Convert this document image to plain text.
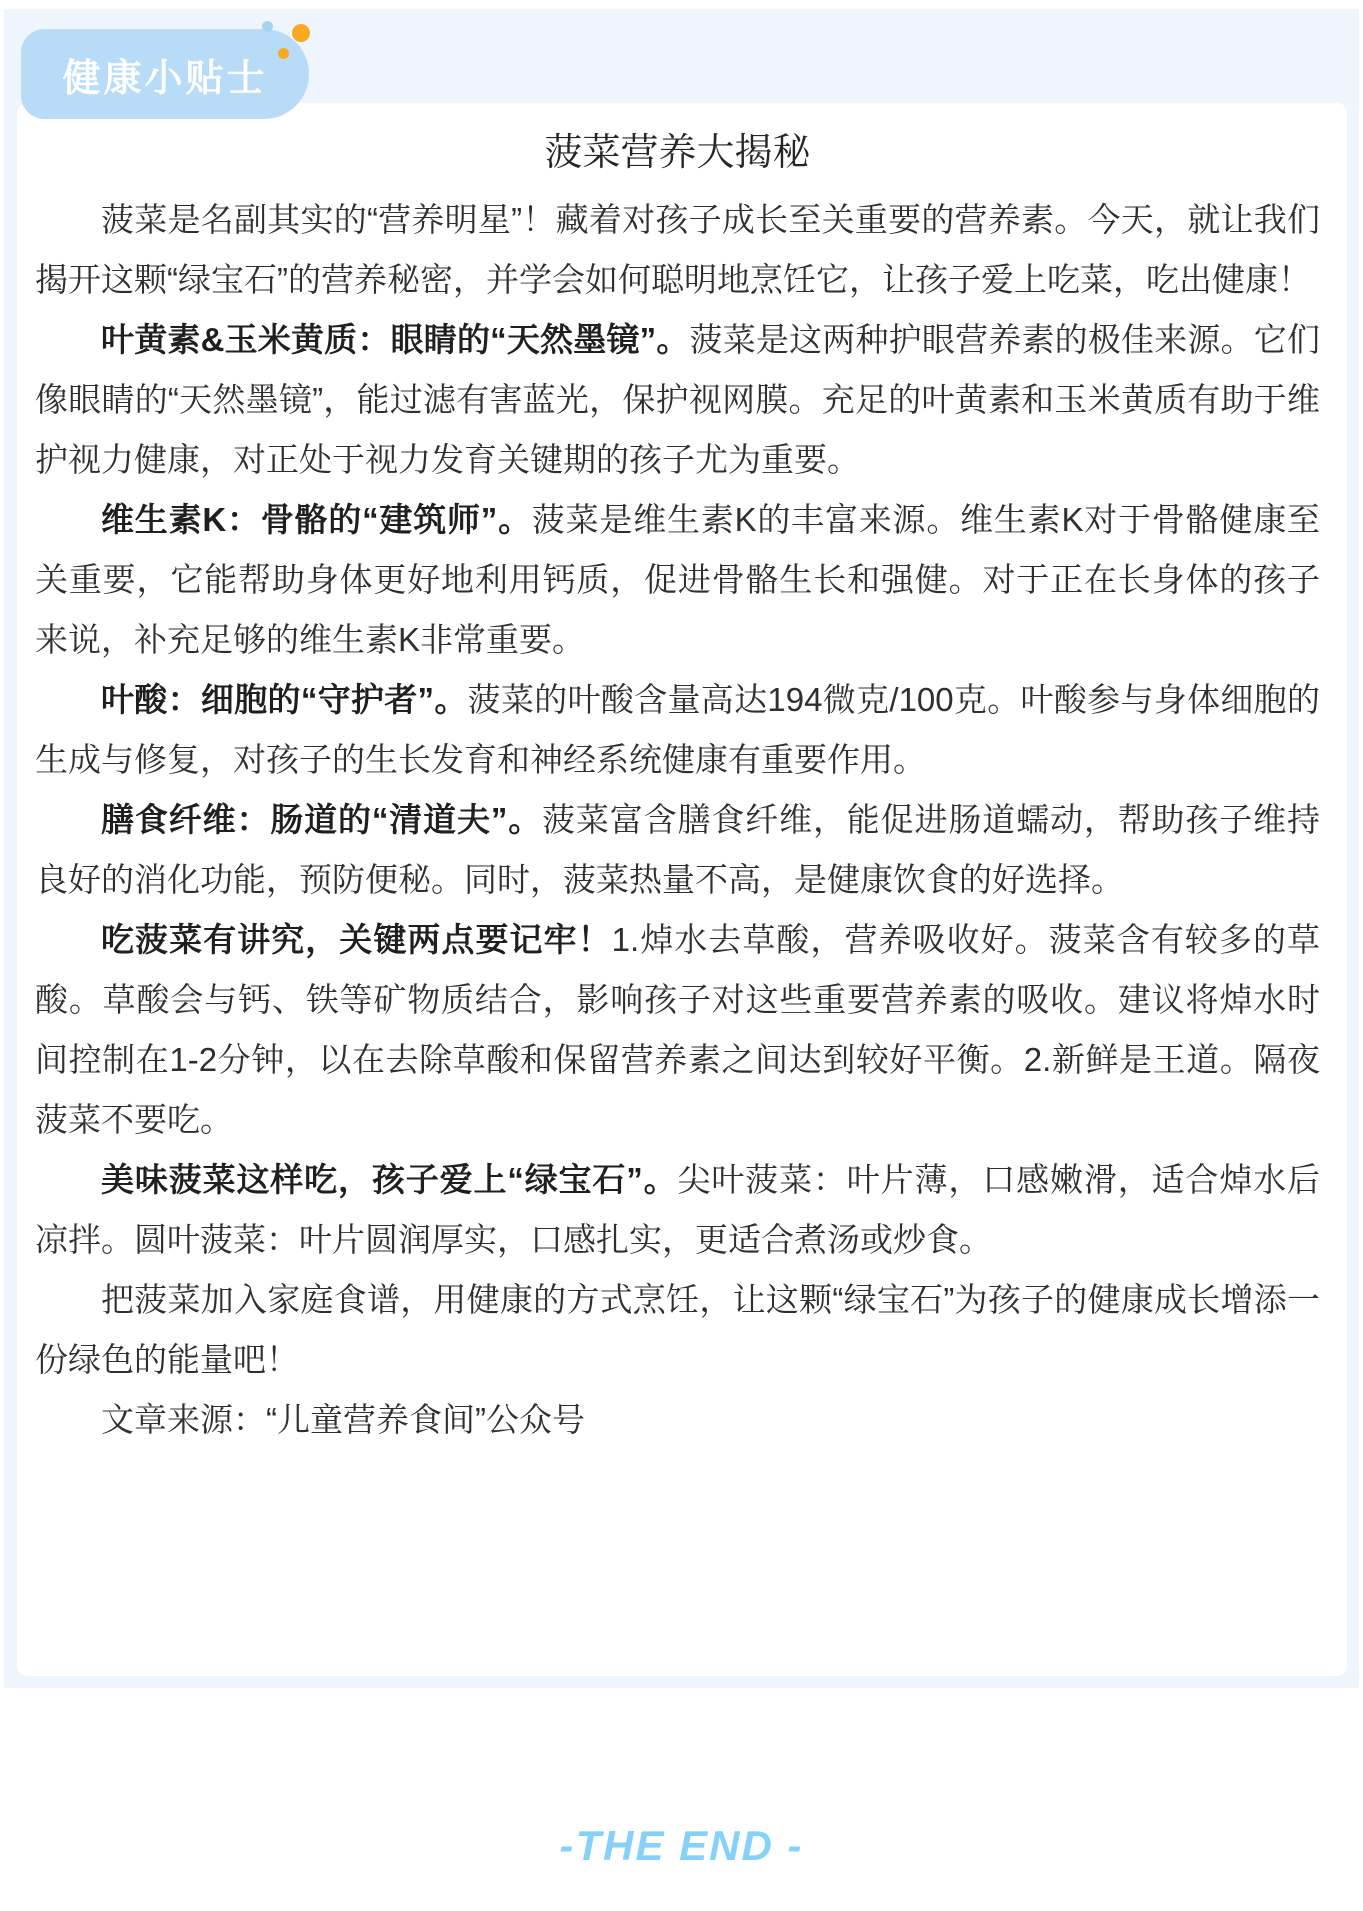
健康小贴士
菠菜营养大揭秘

菠菜是名副其实的“营养明星”！藏着对孩子成长至关重要的营养素。今天，就让我们揭开这颗“绿宝石”的营养秘密，并学会如何聪明地烹饪它，让孩子爱上吃菜，吃出健康！

叶黄素&玉米黄质：眼睛的“天然墨镜”。菠菜是这两种护眼营养素的极佳来源。它们像眼睛的“天然墨镜”，能过滤有害蓝光，保护视网膜。充足的叶黄素和玉米黄质有助于维护视力健康，对正处于视力发育关键期的孩子尤为重要。

维生素K：骨骼的“建筑师”。菠菜是维生素K的丰富来源。维生素K对于骨骼健康至关重要，它能帮助身体更好地利用钙质，促进骨骼生长和强健。对于正在长身体的孩子来说，补充足够的维生素K非常重要。

叶酸：细胞的“守护者”。菠菜的叶酸含量高达194微克/100克。叶酸参与身体细胞的生成与修复，对孩子的生长发育和神经系统健康有重要作用。

膳食纤维：肠道的“清道夫”。菠菜富含膳食纤维，能促进肠道蠕动，帮助孩子维持良好的消化功能，预防便秘。同时，菠菜热量不高，是健康饮食的好选择。

吃菠菜有讲究，关键两点要记牢！1.焯水去草酸，营养吸收好。菠菜含有较多的草酸。草酸会与钙、铁等矿物质结合，影响孩子对这些重要营养素的吸收。建议将焯水时间控制在1-2分钟，以在去除草酸和保留营养素之间达到较好平衡。2.新鲜是王道。隔夜菠菜不要吃。

美味菠菜这样吃，孩子爱上“绿宝石”。尖叶菠菜：叶片薄，口感嫩滑，适合焯水后凉拌。圆叶菠菜：叶片圆润厚实，口感扎实，更适合煮汤或炒食。

把菠菜加入家庭食谱，用健康的方式烹饪，让这颗“绿宝石”为孩子的健康成长增添一份绿色的能量吧！

文章来源：“儿童营养食间”公众号

-THE END -
